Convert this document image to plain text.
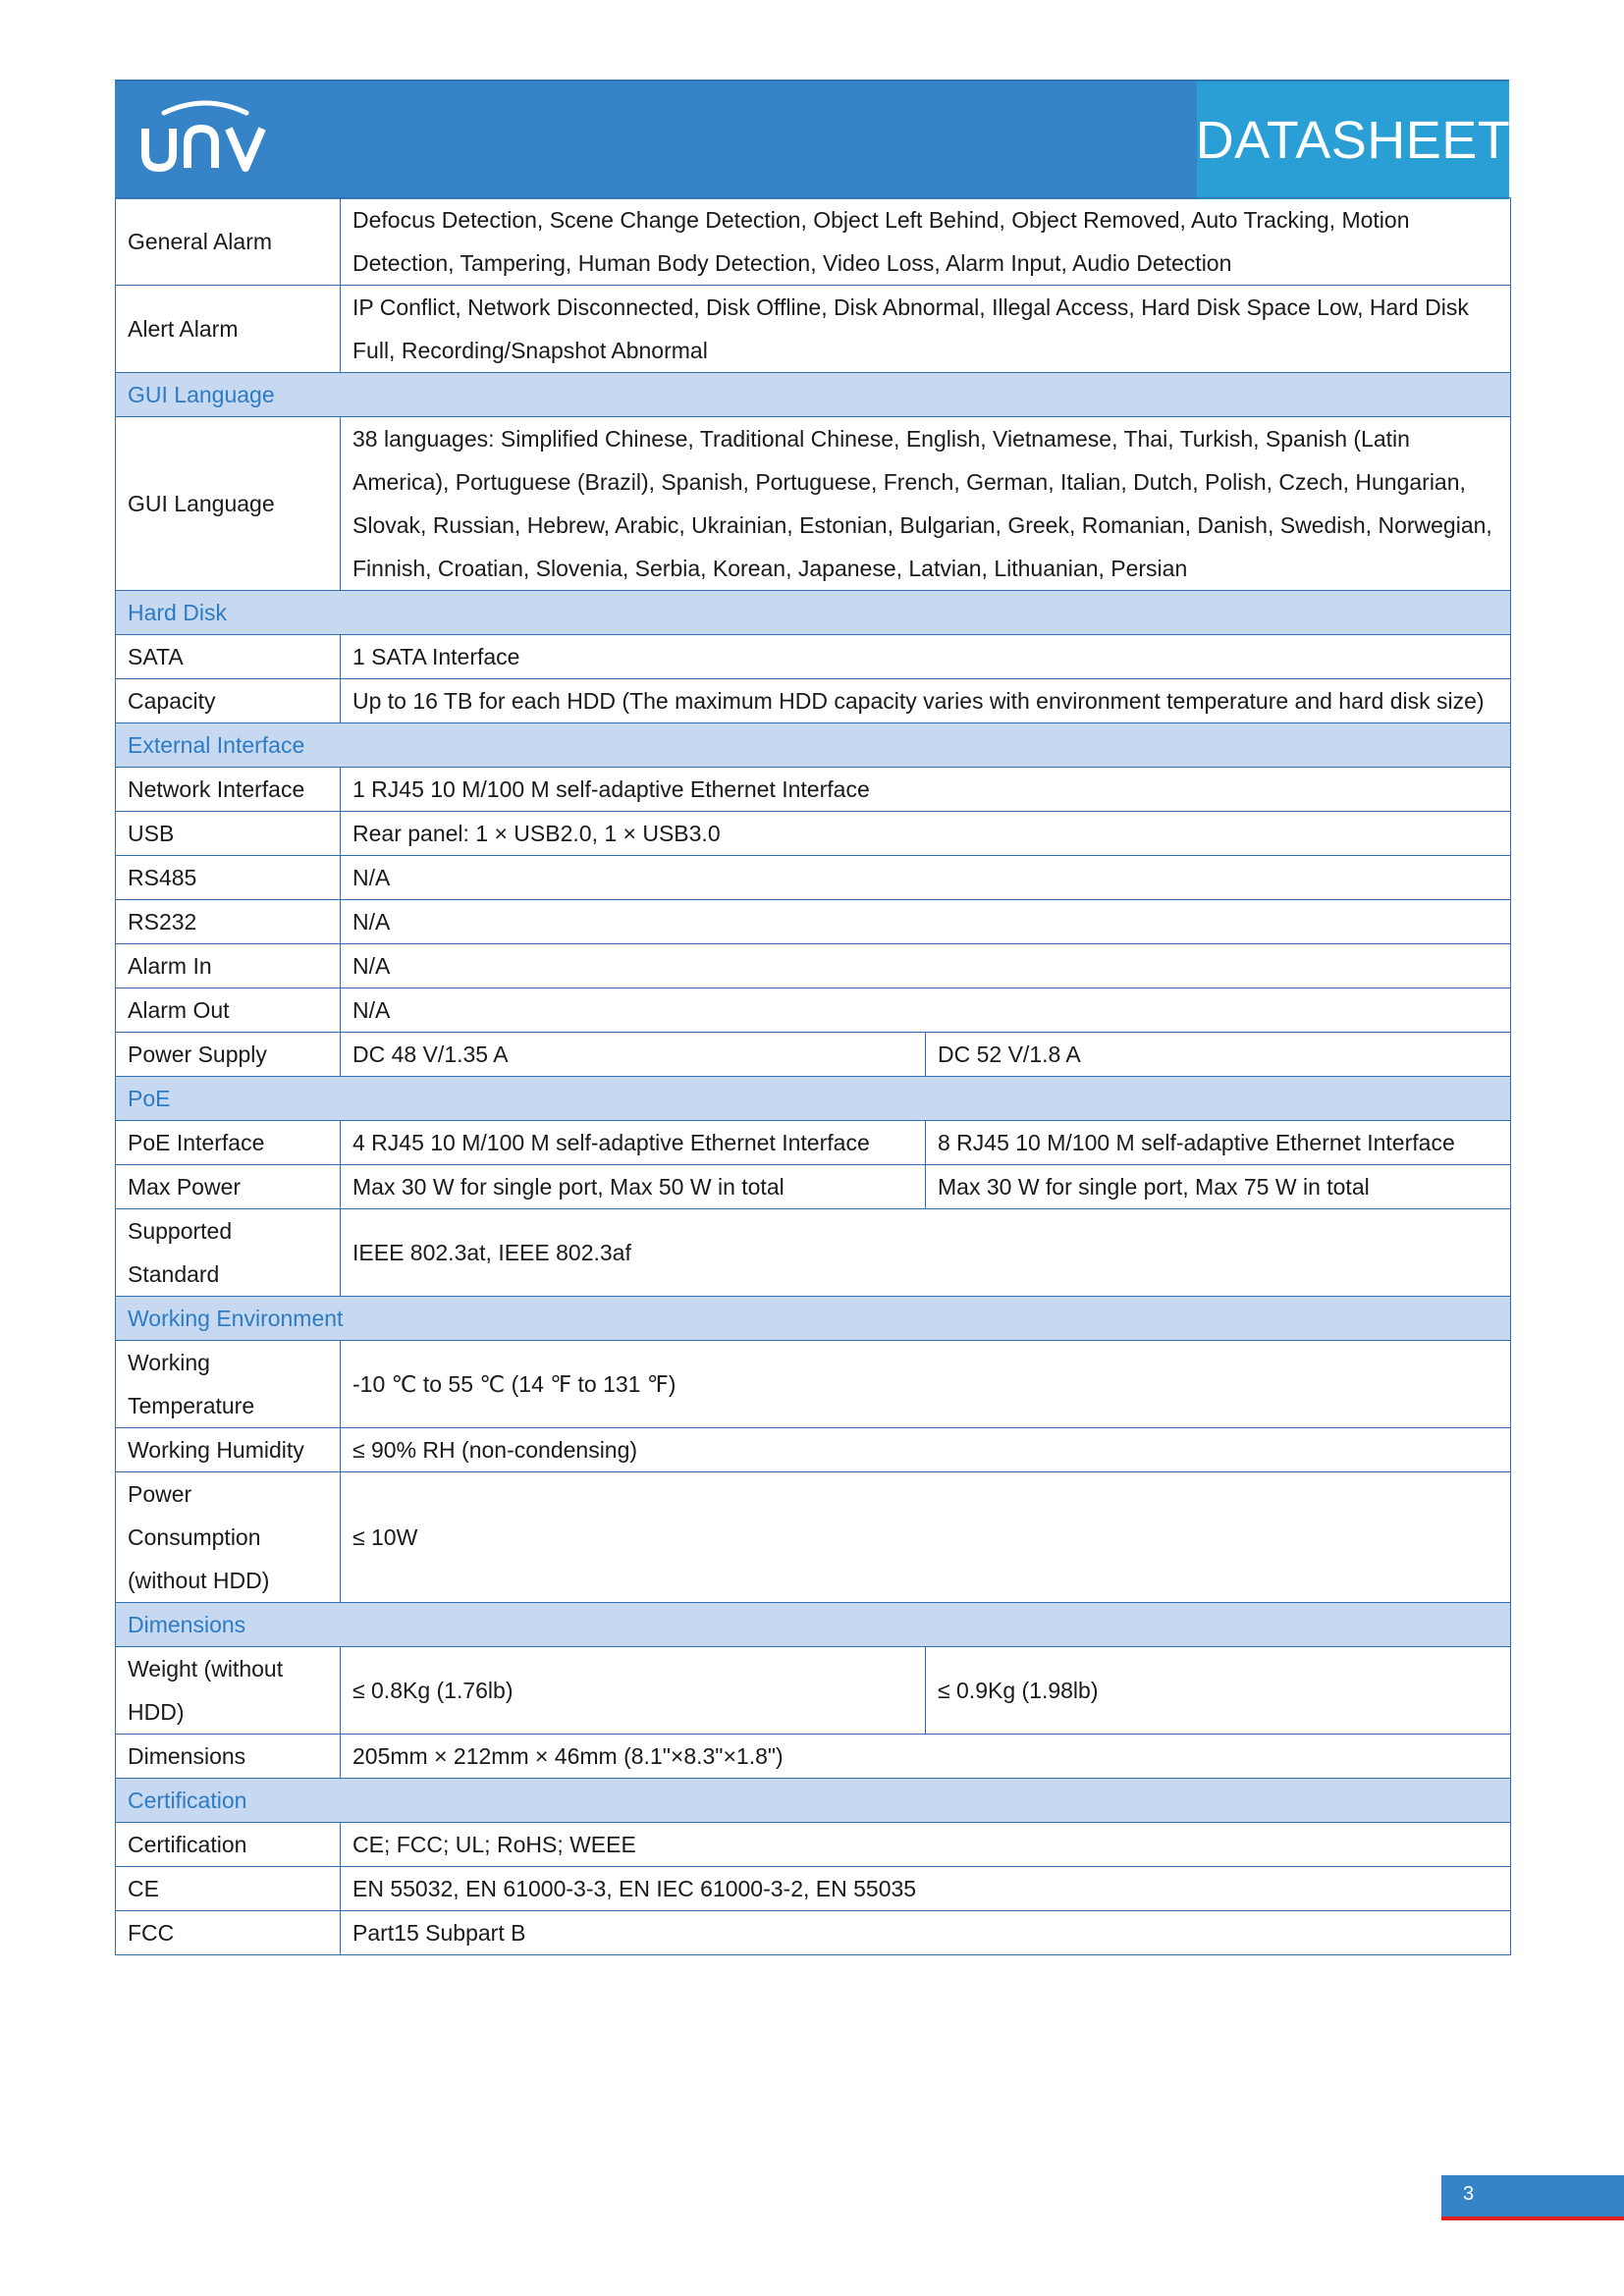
DATASHEET
General Alarm	Defocus Detection, Scene Change Detection, Object Left Behind, Object Removed, Auto Tracking, Motion Detection, Tampering, Human Body Detection, Video Loss, Alarm Input, Audio Detection	
Alert Alarm	IP Conflict, Network Disconnected, Disk Offline, Disk Abnormal, Illegal Access, Hard Disk Space Low, Hard Disk Full, Recording/Snapshot Abnormal	
GUI Language		
GUI Language	38 languages: Simplified Chinese, Traditional Chinese, English, Vietnamese, Thai, Turkish, Spanish (Latin America), Portuguese (Brazil), Spanish, Portuguese, French, German, Italian, Dutch, Polish, Czech, Hungarian, Slovak, Russian, Hebrew, Arabic, Ukrainian, Estonian, Bulgarian, Greek, Romanian, Danish, Swedish, Norwegian, Finnish, Croatian, Slovenia, Serbia, Korean, Japanese, Latvian, Lithuanian, Persian	
Hard Disk		
SATA	1 SATA Interface	
Capacity	Up to 16 TB for each HDD (The maximum HDD capacity varies with environment temperature and hard disk size)	
External Interface		
Network Interface	1 RJ45 10 M/100 M self-adaptive Ethernet Interface	
USB	Rear panel: 1 × USB2.0, 1 × USB3.0	
RS485	N/A	
RS232	N/A	
Alarm In	N/A	
Alarm Out	N/A	
Power Supply	DC 48 V/1.35 A	DC 52 V/1.8 A
PoE		
PoE Interface	4 RJ45 10 M/100 M self-adaptive Ethernet Interface	8 RJ45 10 M/100 M self-adaptive Ethernet Interface
Max Power	Max 30 W for single port, Max 50 W in total	Max 30 W for single port, Max 75 W in total
Supported Standard	IEEE 802.3at, IEEE 802.3af	
Working Environment		
Working Temperature	-10 ℃ to 55 ℃ (14 ℉ to 131 ℉)	
Working Humidity	≤ 90% RH (non-condensing)	
Power Consumption (without HDD)	≤ 10W	
Dimensions		
Weight (without HDD)	≤ 0.8Kg (1.76lb)	≤ 0.9Kg (1.98lb)
Dimensions	205mm × 212mm × 46mm (8.1"×8.3"×1.8")	
Certification		
Certification	CE; FCC; UL; RoHS; WEEE	
CE	EN 55032, EN 61000-3-3, EN IEC 61000-3-2, EN 55035	
FCC	Part15 Subpart B	
3
